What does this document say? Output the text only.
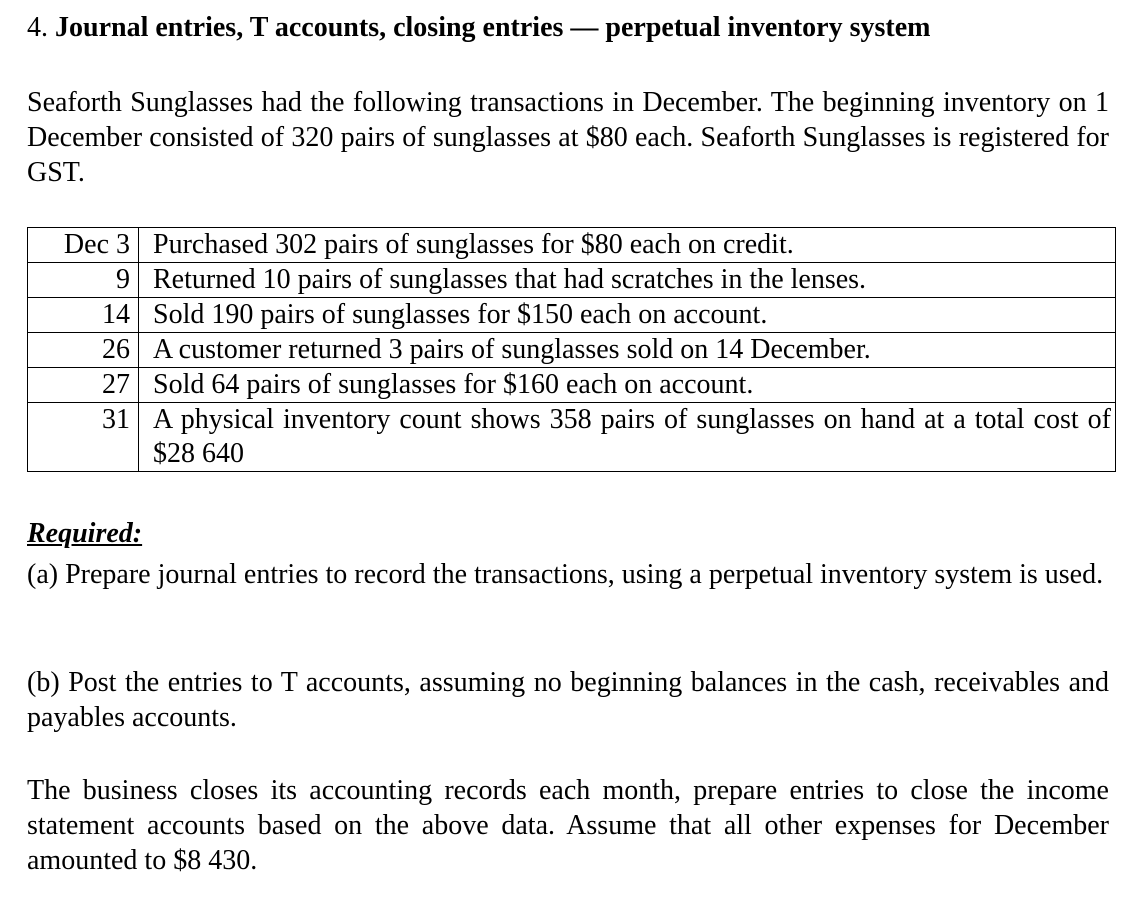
4. Journal entries, T accounts, closing entries — perpetual inventory system
Seaforth Sunglasses had the following transactions in December. The beginning inventory on 1 December consisted of 320 pairs of sunglasses at $80 each. Seaforth Sunglasses is registered for GST.
Dec 3	Purchased 302 pairs of sunglasses for $80 each on credit.
9	Returned 10 pairs of sunglasses that had scratches in the lenses.
14	Sold 190 pairs of sunglasses for $150 each on account.
26	A customer returned 3 pairs of sunglasses sold on 14 December.
27	Sold 64 pairs of sunglasses for $160 each on account.
31	A physical inventory count shows 358 pairs of sunglasses on hand at a total cost of $28 640
Required:
(a) Prepare journal entries to record the transactions, using a perpetual inventory system is used.
(b) Post the entries to T accounts, assuming no beginning balances in the cash, receivables and payables accounts.
The business closes its accounting records each month, prepare entries to close the income statement accounts based on the above data. Assume that all other expenses for December amounted to $8 430.
